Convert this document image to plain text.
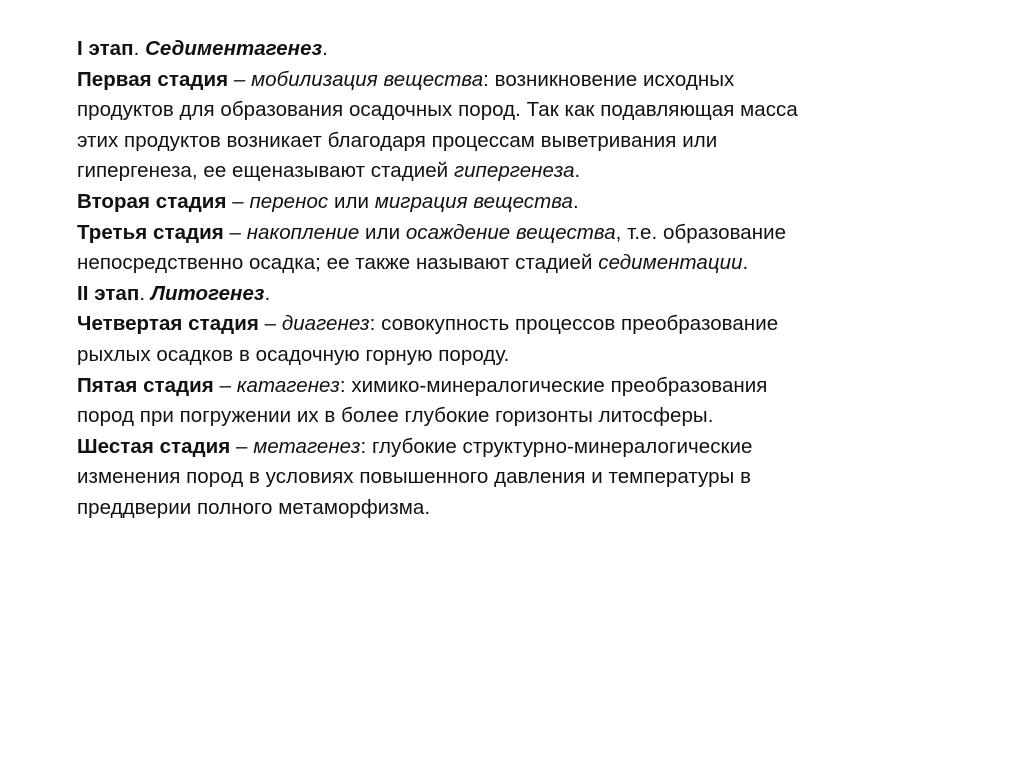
I этап. Седиментагенез.
Первая стадия – мобилизация вещества: возникновение исходных
продуктов для образования осадочных пород. Так как подавляющая масса
этих продуктов возникает благодаря процессам выветривания или
гипергенеза, ее ещеназывают стадией гипергенеза.
Вторая стадия – перенос или миграция вещества.
Третья стадия – накопление или осаждение вещества, т.е. образование
непосредственно осадка; ее также называют стадией седиментации.
II этап. Литогенез.
Четвертая стадия – диагенез: совокупность процессов преобразование
рыхлых осадков в осадочную горную породу.
Пятая стадия – катагенез: химико-минералогические преобразования
пород при погружении их в более глубокие горизонты литосферы.
Шестая стадия – метагенез: глубокие структурно-минералогические
изменения пород в условиях повышенного давления и температуры в
преддверии полного метаморфизма.
